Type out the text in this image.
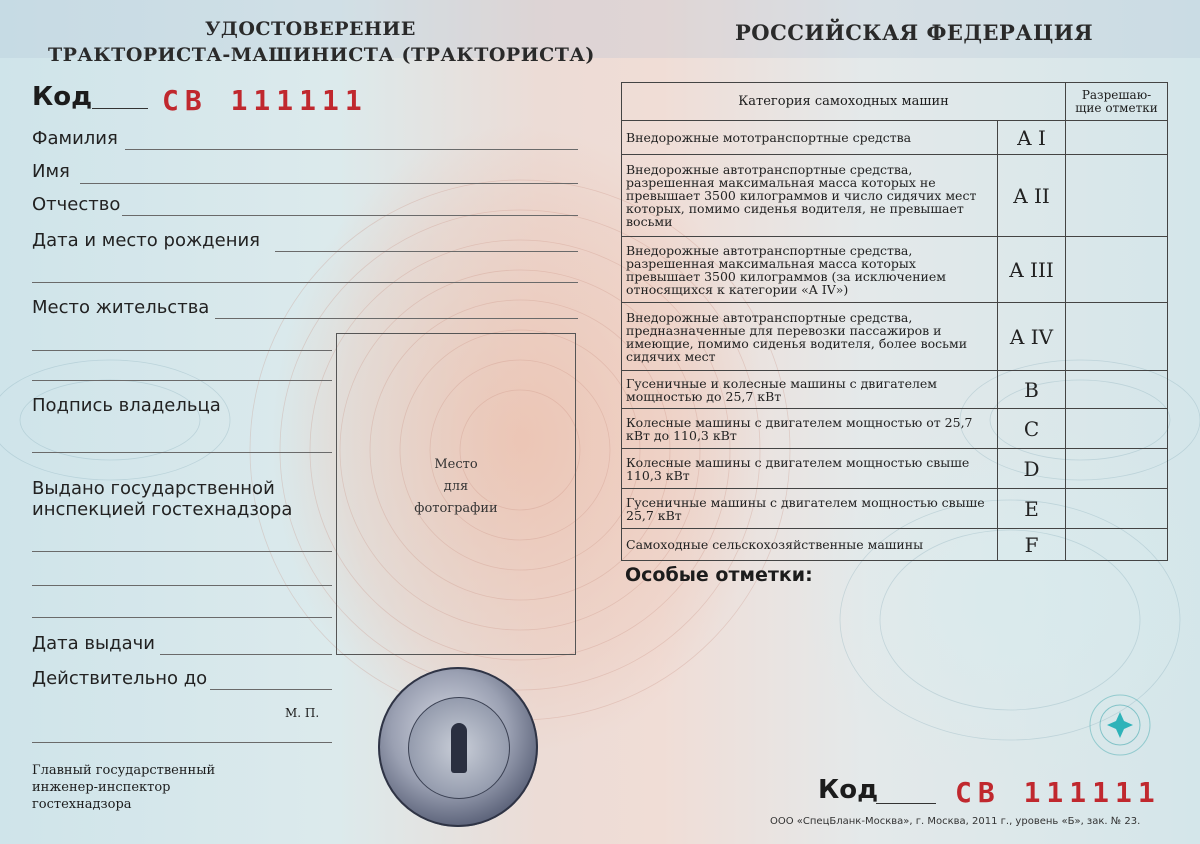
УДОСТОВЕРЕНИЕ
ТРАКТОРИСТА-МАШИНИСТА (ТРАКТОРИСТА)
РОССИЙСКАЯ ФЕДЕРАЦИЯ
Код СВ 111111
Фамилия
Имя
Отчество
Дата и место рождения
Место жительства
Подпись владельца
Выдано государственной
инспекцией гостехнадзора
Дата выдачи
Действительно до
М. П.
Главный государственный
инженер-инспектор
гостехнадзора
Место
для
фотографии
Категория самоходных машин		Разрешаю-
щие отметки
Внедорожные мототранспортные средства	A I	
Внедорожные автотранспортные средства, разрешенная максимальная масса которых не превышает 3500 килограммов и число сидячих мест которых, помимо сиденья водителя, не превышает восьми	A II	
Внедорожные автотранспортные средства, разрешенная максимальная масса которых превышает 3500 килограммов (за исключением относящихся к категории «A IV»)	A III	
Внедорожные автотранспортные средства, предназначенные для перевозки пассажиров и имеющие, помимо сиденья водителя, более восьми сидячих мест	A IV	
Гусеничные и колесные машины с двигателем мощностью до 25,7 кВт	B	
Колесные машины с двигателем мощностью от 25,7 кВт до 110,3 кВт	C	
Колесные машины с двигателем мощностью свыше 110,3 кВт	D	
Гусеничные машины с двигателем мощностью свыше 25,7 кВт	E	
Самоходные сельскохозяйственные машины	F	
Особые отметки:
Код	СВ 111111
ООО «СпецБланк-Москва», г. Москва, 2011 г., уровень «Б», зак. № 23.
